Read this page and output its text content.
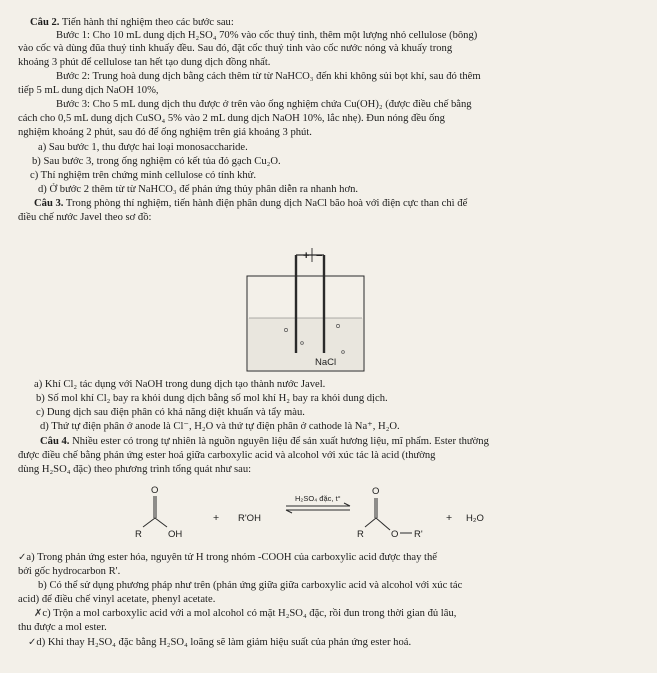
Câu 2. Tiến hành thí nghiệm theo các bước sau:
Bước 1: Cho 10 mL dung dịch H₂SO₄ 70% vào cốc thuỷ tinh, thêm một lượng nhỏ cellulose (bông)
vào cốc và dùng đũa thuỷ tinh khuấy đều. Sau đó, đặt cốc thuỷ tinh vào cốc nước nóng và khuấy trong
khoảng 3 phút để cellulose tan hết tạo dung dịch đồng nhất.
Bước 2: Trung hoà dung dịch bằng cách thêm từ từ NaHCO₃ đến khi không sủi bọt khí, sau đó thêm
tiếp 5 mL dung dịch NaOH 10%,
Bước 3: Cho 5 mL dung dịch thu được ở trên vào ống nghiệm chứa Cu(OH)₂ (được điều chế bằng
cách cho 0,5 mL dung dịch CuSO₄ 5% vào 2 mL dung dịch NaOH 10%, lắc nhẹ). Đun nóng đều ống
nghiệm khoảng 2 phút, sau đó để ống nghiệm trên giá khoảng 3 phút.
a) Sau bước 1, thu được hai loại monosaccharide.
b) Sau bước 3, trong ống nghiệm có kết tủa đỏ gạch Cu₂O.
c) Thí nghiệm trên chứng minh cellulose có tính khử.
d) Ở bước 2 thêm từ từ NaHCO₃ để phản ứng thủy phân diễn ra nhanh hơn.
Câu 3. Trong phòng thí nghiệm, tiến hành điện phân dung dịch NaCl bão hoà với điện cực than chì để
điều chế nước Javel theo sơ đồ:
+ −
NaCl
a) Khí Cl₂ tác dụng với NaOH trong dung dịch tạo thành nước Javel.
b) Số mol khí Cl₂ bay ra khỏi dung dịch bằng số mol khí H₂ bay ra khỏi dung dịch.
c) Dung dịch sau điện phân có khả năng diệt khuẩn và tẩy màu.
d) Thứ tự điện phân ở anode là Cl⁻, H₂O và thứ tự điện phân ở cathode là Na⁺, H₂O.
Câu 4. Nhiều ester có trong tự nhiên là nguồn nguyên liệu để sản xuất hương liệu, mĩ phẩm. Ester thường
được điều chế bằng phản ứng ester hoá giữa carboxylic acid và alcohol với xúc tác là acid (thường
dùng H₂SO₄ đặc) theo phương trình tổng quát như sau:
O
R	OH
+ R'OH
H₂SO₄ đặc, t°
O
R	O R'
+ H₂O
✓a) Trong phản ứng ester hóa, nguyên tử H trong nhóm -COOH của carboxylic acid được thay thế
bởi gốc hydrocarbon R'.
b) Có thể sử dụng phương pháp như trên (phản ứng giữa giữa carboxylic acid và alcohol với xúc tác
acid) để điều chế vinyl acetate, phenyl acetate.
✗c) Trộn a mol carboxylic acid với a mol alcohol có mặt H₂SO₄ đặc, rồi đun trong thời gian đủ lâu,
thu được a mol ester.
✓d) Khi thay H₂SO₄ đặc bằng H₂SO₄ loãng sẽ làm giảm hiệu suất của phản ứng ester hoá.
